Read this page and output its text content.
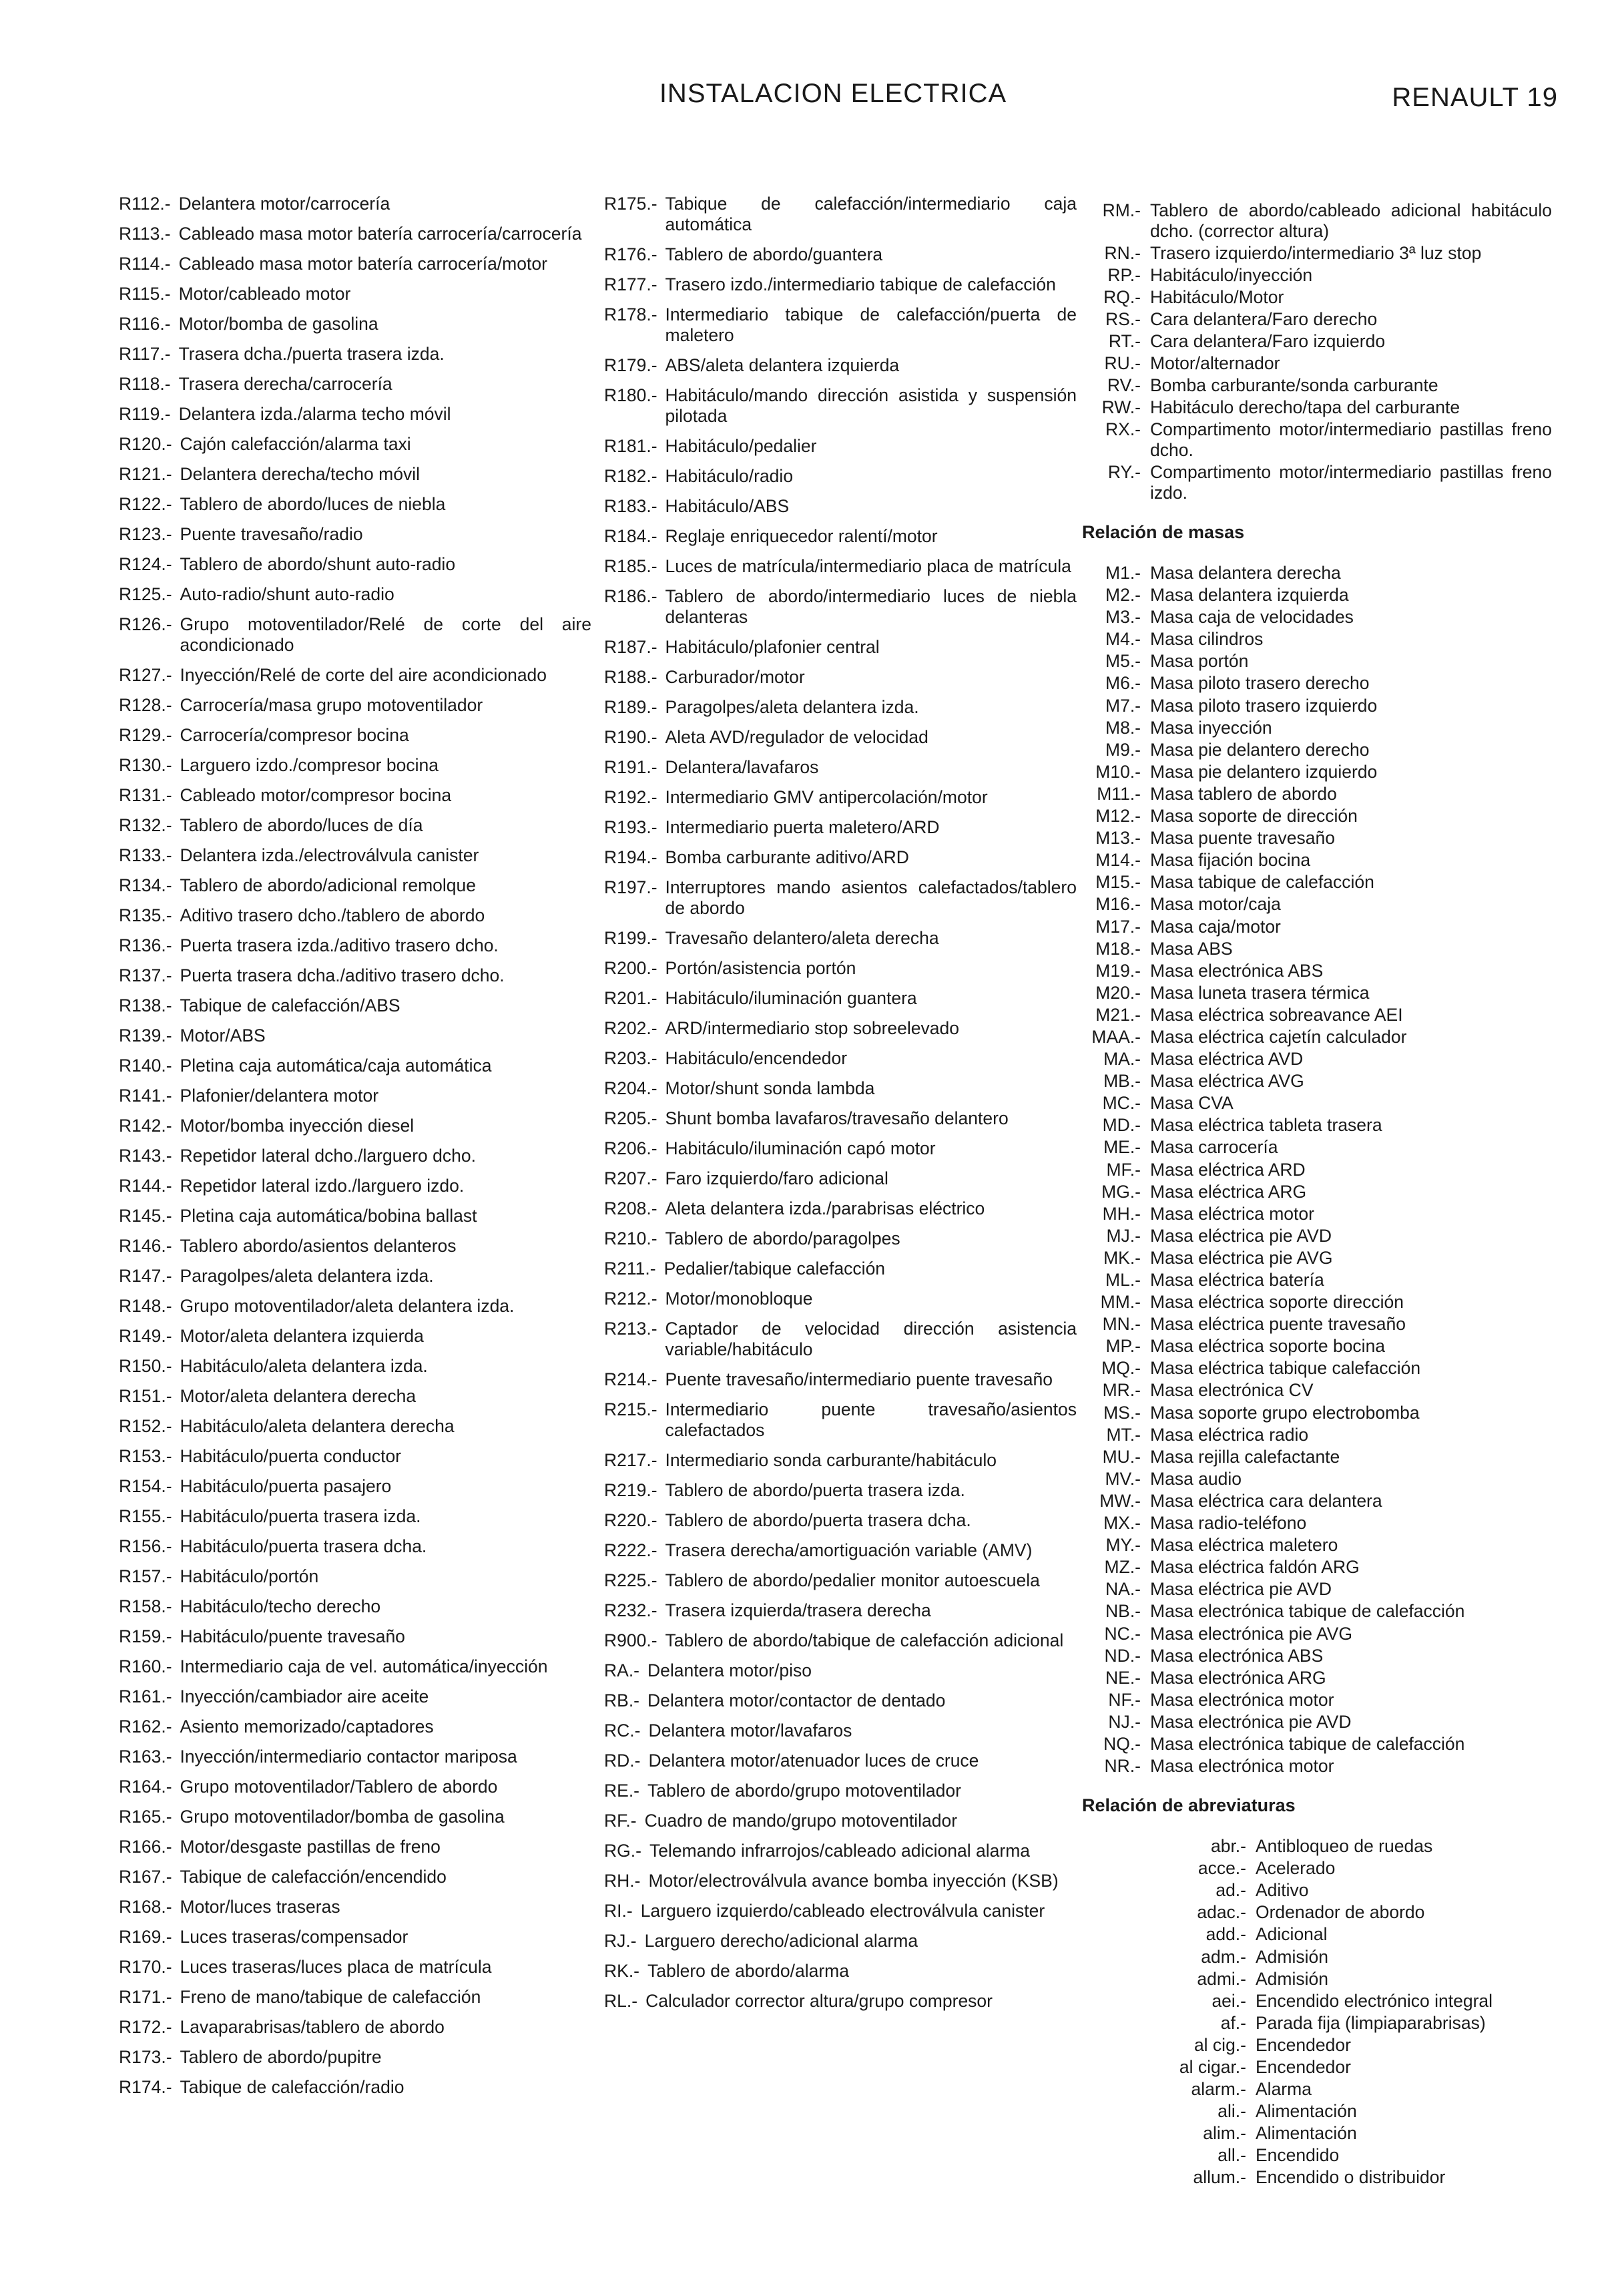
INSTALACION ELECTRICA	RENAULT 19
R112.- Delantera motor/carrocería
R113.- Cableado masa motor batería carrocería/carrocería
R114.- Cableado masa motor batería carrocería/motor
R115.- Motor/cableado motor
R116.- Motor/bomba de gasolina
R117.- Trasera dcha./puerta trasera izda.
R118.- Trasera derecha/carrocería
R119.- Delantera izda./alarma techo móvil
R120.- Cajón calefacción/alarma taxi
R121.- Delantera derecha/techo móvil
R122.- Tablero de abordo/luces de niebla
R123.- Puente travesaño/radio
R124.- Tablero de abordo/shunt auto-radio
R125.- Auto-radio/shunt auto-radio
R126.- Grupo motoventilador/Relé de corte del aire acondicionado
R127.- Inyección/Relé de corte del aire acondicionado
R128.- Carrocería/masa grupo motoventilador
R129.- Carrocería/compresor bocina
R130.- Larguero izdo./compresor bocina
R131.- Cableado motor/compresor bocina
R132.- Tablero de abordo/luces de día
R133.- Delantera izda./electroválvula canister
R134.- Tablero de abordo/adicional remolque
R135.- Aditivo trasero dcho./tablero de abordo
R136.- Puerta trasera izda./aditivo trasero dcho.
R137.- Puerta trasera dcha./aditivo trasero dcho.
R138.- Tabique de calefacción/ABS
R139.- Motor/ABS
R140.- Pletina caja automática/caja automática
R141.- Plafonier/delantera motor
R142.- Motor/bomba inyección diesel
R143.- Repetidor lateral dcho./larguero dcho.
R144.- Repetidor lateral izdo./larguero izdo.
R145.- Pletina caja automática/bobina ballast
R146.- Tablero abordo/asientos delanteros
R147.- Paragolpes/aleta delantera izda.
R148.- Grupo motoventilador/aleta delantera izda.
R149.- Motor/aleta delantera izquierda
R150.- Habitáculo/aleta delantera izda.
R151.- Motor/aleta delantera derecha
R152.- Habitáculo/aleta delantera derecha
R153.- Habitáculo/puerta conductor
R154.- Habitáculo/puerta pasajero
R155.- Habitáculo/puerta trasera izda.
R156.- Habitáculo/puerta trasera dcha.
R157.- Habitáculo/portón
R158.- Habitáculo/techo derecho
R159.- Habitáculo/puente travesaño
R160.- Intermediario caja de vel. automática/inyección
R161.- Inyección/cambiador aire aceite
R162.- Asiento memorizado/captadores
R163.- Inyección/intermediario contactor mariposa
R164.- Grupo motoventilador/Tablero de abordo
R165.- Grupo motoventilador/bomba de gasolina
R166.- Motor/desgaste pastillas de freno
R167.- Tabique de calefacción/encendido
R168.- Motor/luces traseras
R169.- Luces traseras/compensador
R170.- Luces traseras/luces placa de matrícula
R171.- Freno de mano/tabique de calefacción
R172.- Lavaparabrisas/tablero de abordo
R173.- Tablero de abordo/pupitre
R174.- Tabique de calefacción/radio
R175.- Tabique de calefacción/intermediario caja automática
R176.- Tablero de abordo/guantera
R177.- Trasero izdo./intermediario tabique de calefacción
R178.- Intermediario tabique de calefacción/puerta de maletero
R179.- ABS/aleta delantera izquierda
R180.- Habitáculo/mando dirección asistida y suspensión pilotada
R181.- Habitáculo/pedalier
R182.- Habitáculo/radio
R183.- Habitáculo/ABS
R184.- Reglaje enriquecedor ralentí/motor
R185.- Luces de matrícula/intermediario placa de matrícula
R186.- Tablero de abordo/intermediario luces de niebla delanteras
R187.- Habitáculo/plafonier central
R188.- Carburador/motor
R189.- Paragolpes/aleta delantera izda.
R190.- Aleta AVD/regulador de velocidad
R191.- Delantera/lavafaros
R192.- Intermediario GMV antipercolación/motor
R193.- Intermediario puerta maletero/ARD
R194.- Bomba carburante aditivo/ARD
R197.- Interruptores mando asientos calefactados/tablero de abordo
R199.- Travesaño delantero/aleta derecha
R200.- Portón/asistencia portón
R201.- Habitáculo/iluminación guantera
R202.- ARD/intermediario stop sobreelevado
R203.- Habitáculo/encendedor
R204.- Motor/shunt sonda lambda
R205.- Shunt bomba lavafaros/travesaño delantero
R206.- Habitáculo/iluminación capó motor
R207.- Faro izquierdo/faro adicional
R208.- Aleta delantera izda./parabrisas eléctrico
R210.- Tablero de abordo/paragolpes
R211.- Pedalier/tabique calefacción
R212.- Motor/monobloque
R213.- Captador de velocidad dirección asistencia variable/habitáculo
R214.- Puente travesaño/intermediario puente travesaño
R215.- Intermediario puente travesaño/asientos calefactados
R217.- Intermediario sonda carburante/habitáculo
R219.- Tablero de abordo/puerta trasera izda.
R220.- Tablero de abordo/puerta trasera dcha.
R222.- Trasera derecha/amortiguación variable (AMV)
R225.- Tablero de abordo/pedalier monitor autoescuela
R232.- Trasera izquierda/trasera derecha
R900.- Tablero de abordo/tabique de calefacción adicional
RA.- Delantera motor/piso
RB.- Delantera motor/contactor de dentado
RC.- Delantera motor/lavafaros
RD.- Delantera motor/atenuador luces de cruce
RE.- Tablero de abordo/grupo motoventilador
RF.- Cuadro de mando/grupo motoventilador
RG.- Telemando infrarrojos/cableado adicional alarma
RH.- Motor/electroválvula avance bomba inyección (KSB)
RI.- Larguero izquierdo/cableado electroválvula canister
RJ.- Larguero derecho/adicional alarma
RK.- Tablero de abordo/alarma
RL.- Calculador corrector altura/grupo compresor
RM.- Tablero de abordo/cableado adicional habitáculo dcho. (corrector altura)
RN.- Trasero izquierdo/intermediario 3ª luz stop
RP.- Habitáculo/inyección
RQ.- Habitáculo/Motor
RS.- Cara delantera/Faro derecho
RT.- Cara delantera/Faro izquierdo
RU.- Motor/alternador
RV.- Bomba carburante/sonda carburante
RW.- Habitáculo derecho/tapa del carburante
RX.- Compartimento motor/intermediario pastillas freno dcho.
RY.- Compartimento motor/intermediario pastillas freno izdo.
Relación de masas
M1.- Masa delantera derecha
M2.- Masa delantera izquierda
M3.- Masa caja de velocidades
M4.- Masa cilindros
M5.- Masa portón
M6.- Masa piloto trasero derecho
M7.- Masa piloto trasero izquierdo
M8.- Masa inyección
M9.- Masa pie delantero derecho
M10.- Masa pie delantero izquierdo
M11.- Masa tablero de abordo
M12.- Masa soporte de dirección
M13.- Masa puente travesaño
M14.- Masa fijación bocina
M15.- Masa tabique de calefacción
M16.- Masa motor/caja
M17.- Masa caja/motor
M18.- Masa ABS
M19.- Masa electrónica ABS
M20.- Masa luneta trasera térmica
M21.- Masa eléctrica sobreavance AEI
MAA.- Masa eléctrica cajetín calculador
MA.- Masa eléctrica AVD
MB.- Masa eléctrica AVG
MC.- Masa CVA
MD.- Masa eléctrica tableta trasera
ME.- Masa carrocería
MF.- Masa eléctrica ARD
MG.- Masa eléctrica ARG
MH.- Masa eléctrica motor
MJ.- Masa eléctrica pie AVD
MK.- Masa eléctrica pie AVG
ML.- Masa eléctrica batería
MM.- Masa eléctrica soporte dirección
MN.- Masa eléctrica puente travesaño
MP.- Masa eléctrica soporte bocina
MQ.- Masa eléctrica tabique calefacción
MR.- Masa electrónica CV
MS.- Masa soporte grupo electrobomba
MT.- Masa eléctrica radio
MU.- Masa rejilla calefactante
MV.- Masa audio
MW.- Masa eléctrica cara delantera
MX.- Masa radio-teléfono
MY.- Masa eléctrica maletero
MZ.- Masa eléctrica faldón ARG
NA.- Masa eléctrica pie AVD
NB.- Masa electrónica tabique de calefacción
NC.- Masa electrónica pie AVG
ND.- Masa electrónica ABS
NE.- Masa electrónica ARG
NF.- Masa electrónica motor
NJ.- Masa electrónica pie AVD
NQ.- Masa electrónica tabique de calefacción
NR.- Masa electrónica motor
Relación de abreviaturas
abr.- Antibloqueo de ruedas
acce.- Acelerado
ad.- Aditivo
adac.- Ordenador de abordo
add.- Adicional
adm.- Admisión
admi.- Admisión
aei.- Encendido electrónico integral
af.- Parada fija (limpiaparabrisas)
al cig.- Encendedor
al cigar.- Encendedor
alarm.- Alarma
ali.- Alimentación
alim.- Alimentación
all.- Encendido
allum.- Encendido o distribuidor
